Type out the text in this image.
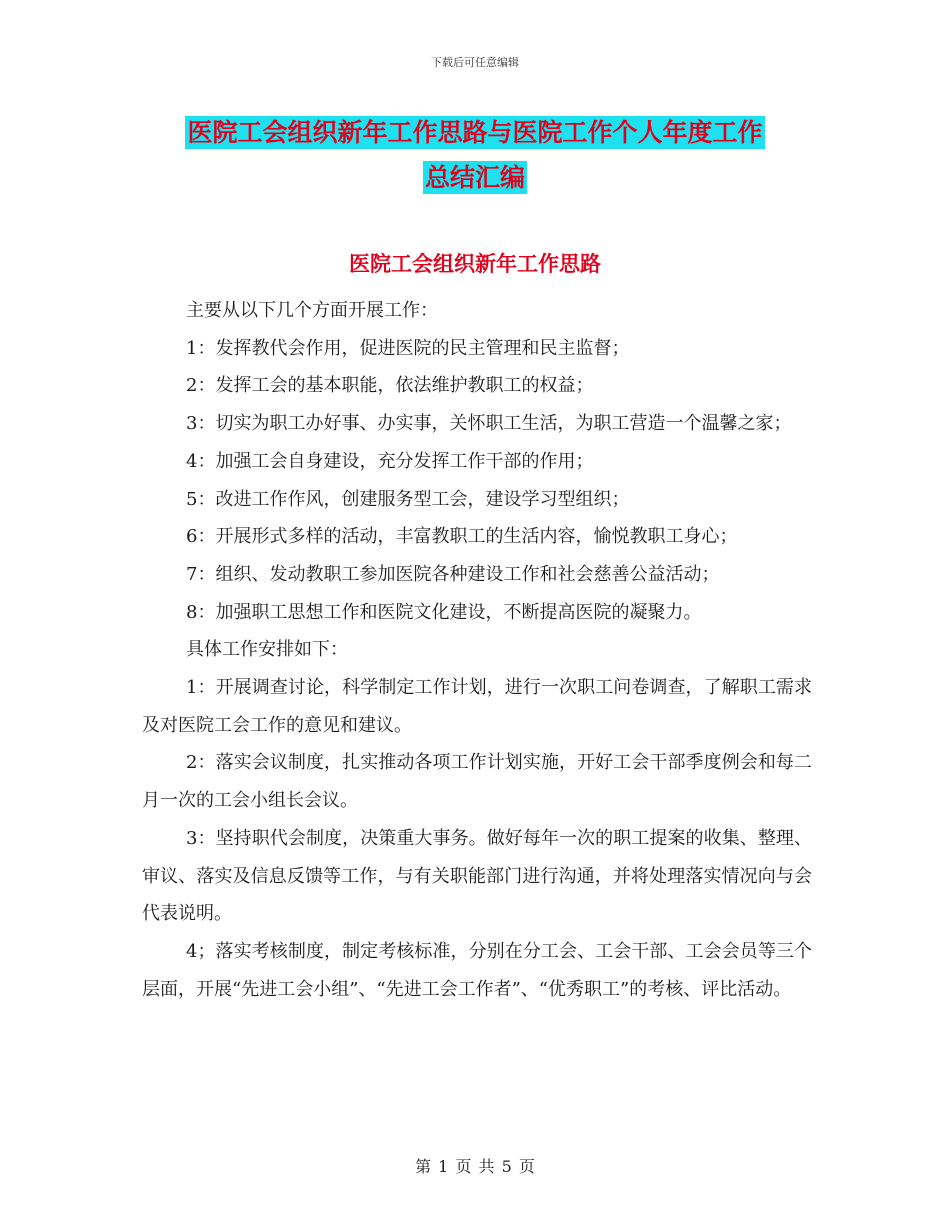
下载后可任意编辑
医院工会组织新年工作思路与医院工作个人年度工作
总结汇编
医院工会组织新年工作思路

主要从以下几个方面开展工作：

1：发挥教代会作用，促进医院的民主管理和民主监督；

2：发挥工会的基本职能，依法维护教职工的权益；

3：切实为职工办好事、办实事，关怀职工生活，为职工营造一个温馨之家；

4：加强工会自身建设，充分发挥工作干部的作用；

5：改进工作作风，创建服务型工会，建设学习型组织；

6：开展形式多样的活动，丰富教职工的生活内容，愉悦教职工身心；

7：组织、发动教职工参加医院各种建设工作和社会慈善公益活动；

8：加强职工思想工作和医院文化建设，不断提高医院的凝聚力。

具体工作安排如下：

1：开展调查讨论，科学制定工作计划，进行一次职工问卷调查，了解职工需求及对医院工会工作的意见和建议。

2：落实会议制度，扎实推动各项工作计划实施，开好工会干部季度例会和每二月一次的工会小组长会议。

3：坚持职代会制度，决策重大事务。做好每年一次的职工提案的收集、整理、审议、落实及信息反馈等工作，与有关职能部门进行沟通，并将处理落实情况向与会代表说明。

4；落实考核制度，制定考核标准，分别在分工会、工会干部、工会会员等三个层面，开展“先进工会小组”、“先进工会工作者”、“优秀职工”的考核、评比活动。

第 1 页 共 5 页
